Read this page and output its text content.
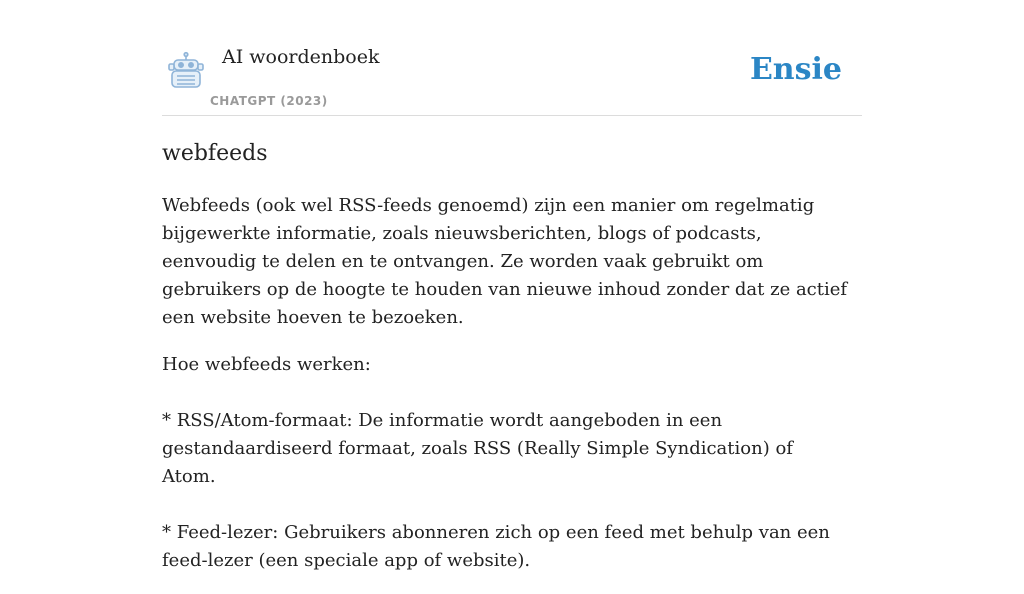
AI woordenboek
CHATGPT (2023)
Ensie
webfeeds

Webfeeds (ook wel RSS-feeds genoemd) zijn een manier om regelmatig bijgewerkte informatie, zoals nieuwsberichten, blogs of podcasts, eenvoudig te delen en te ontvangen. Ze worden vaak gebruikt om gebruikers op de hoogte te houden van nieuwe inhoud zonder dat ze actief een website hoeven te bezoeken.

Hoe webfeeds werken:

* RSS/Atom-formaat: De informatie wordt aangeboden in een gestandaardiseerd formaat, zoals RSS (Really Simple Syndication) of Atom.

* Feed-lezer: Gebruikers abonneren zich op een feed met behulp van een feed-lezer (een speciale app of website).
